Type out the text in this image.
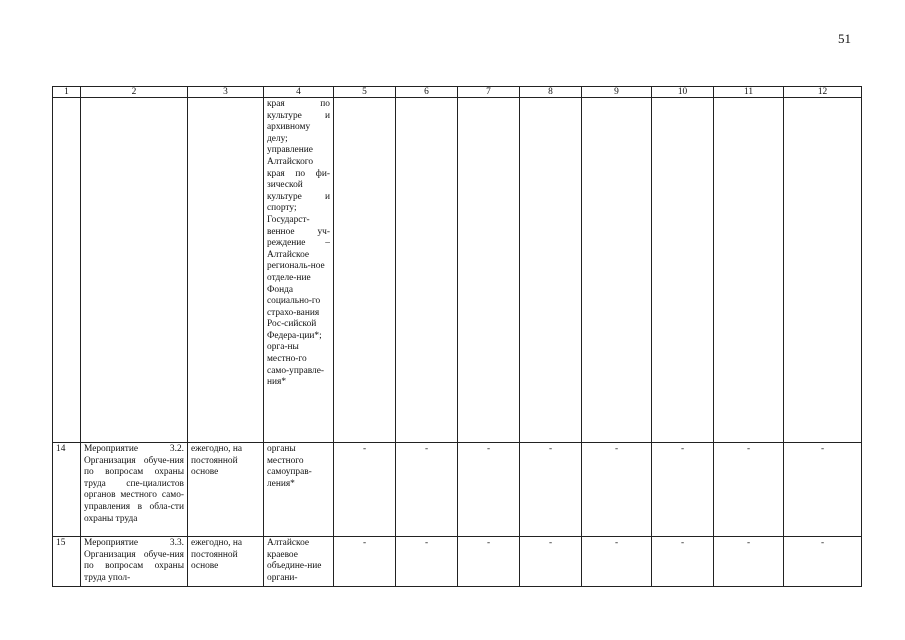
51
1	2	3	4	5	6	7	8	9	10	11	12
			края по культуре и архивному делу; управление Алтайского края по фи-зической культуре и спорту; Государст-венное уч-реждение – Алтайское региональ-ное отделе-ние Фонда социально-го страхо-вания Рос-сийской Федера-ции*; орга-ны местно-го само-управле-ния*								
14	Мероприятие 3.2. Организация обуче-ния по вопросам охраны труда спе-циалистов органов местного само-управления в обла-сти охраны труда	ежегодно, на постоянной основе	органы местного самоупрaв-ления*	-	-	-	-	-	-	-	-
15	Мероприятие 3.3. Организация обуче-ния по вопросам охраны труда упол-	ежегодно, на постоянной основе	Алтайское краевое объедине-ние органи-	-	-	-	-	-	-	-	-
